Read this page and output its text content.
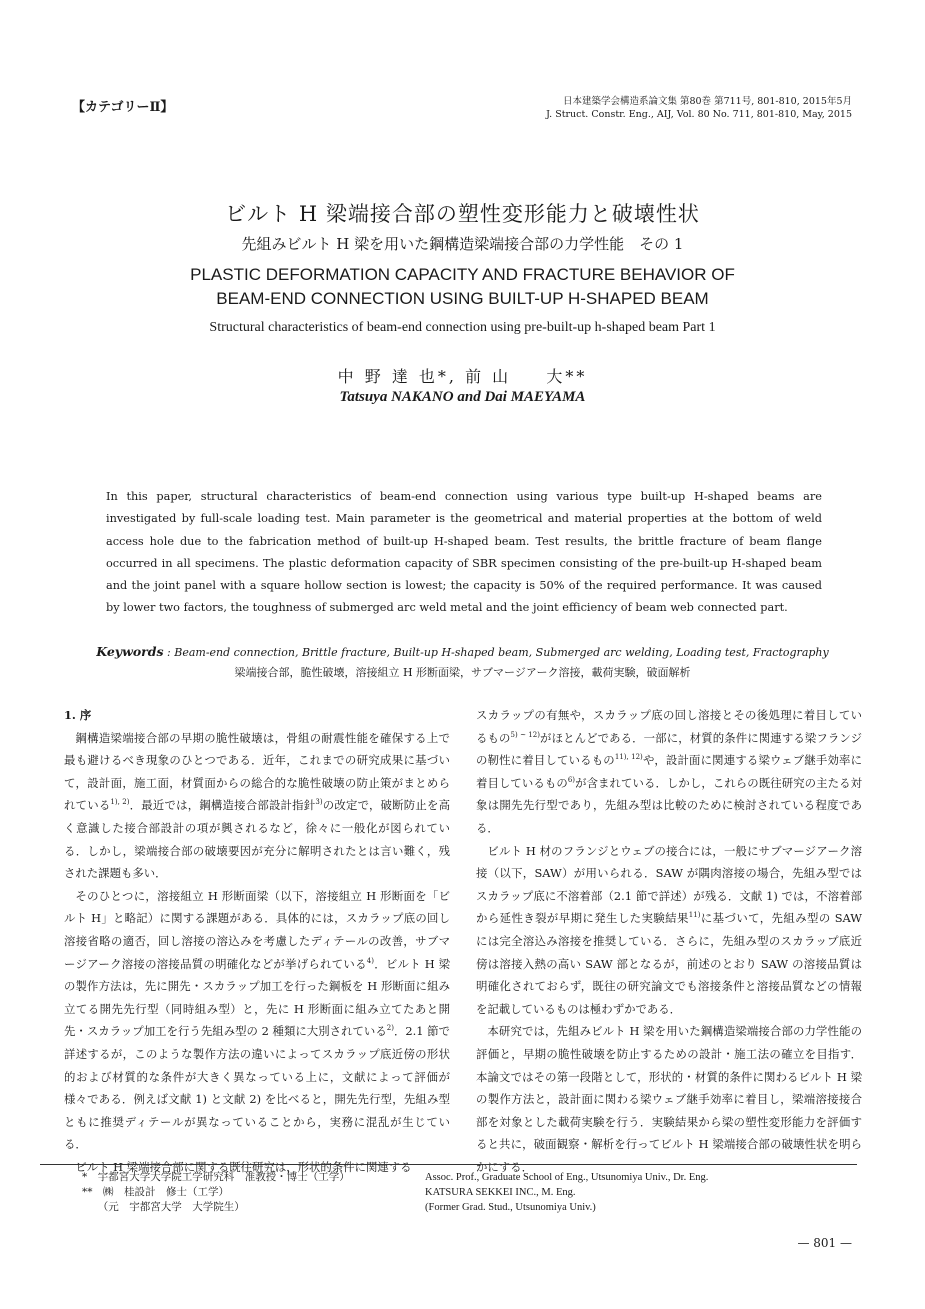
【カテゴリーⅡ】	日本建築学会構造系論文集 第80巻 第711号, 801-810, 2015年5月
J. Struct. Constr. Eng., AIJ, Vol. 80 No. 711, 801-810, May, 2015
ビルト H 梁端接合部の塑性変形能力と破壊性状
先組みビルト H 梁を用いた鋼構造梁端接合部の力学性能　その 1
PLASTIC DEFORMATION CAPACITY AND FRACTURE BEHAVIOR OF
BEAM-END CONNECTION USING BUILT-UP H-SHAPED BEAM
Structural characteristics of beam-end connection using pre-built-up h-shaped beam Part 1
中 野 達 也*, 前 山 　 大**
Tatsuya NAKANO and Dai MAEYAMA
In this paper, structural characteristics of beam-end connection using various type built-up H-shaped beams are investigated by full-scale loading test. Main parameter is the geometrical and material properties at the bottom of weld access hole due to the fabrication method of built-up H-shaped beam. Test results, the brittle fracture of beam flange occurred in all specimens. The plastic deformation capacity of SBR specimen consisting of the pre-built-up H-shaped beam and the joint panel with a square hollow section is lowest; the capacity is 50% of the required performance. It was caused by lower two factors, the toughness of submerged arc weld metal and the joint efficiency of beam web connected part.
Keywords : Beam-end connection, Brittle fracture, Built-up H-shaped beam, Submerged arc welding, Loading test, Fractography
梁端接合部，脆性破壊，溶接組立 H 形断面梁，サブマージアーク溶接，載荷実験，破面解析

1. 序

鋼構造梁端接合部の早期の脆性破壊は，骨組の耐震性能を確保する上で最も避けるべき現象のひとつである．近年，これまでの研究成果に基づいて，設計面，施工面，材質面からの総合的な脆性破壊の防止策がまとめられている$^{1), 2)}$．最近では，鋼構造接合部設計指針$^{3)}$の改定で，破断防止を高く意識した接合部設計の項が興されるなど，徐々に一般化が図られている．しかし，梁端接合部の破壊要因が充分に解明されたとは言い難く，残された課題も多い．

そのひとつに，溶接組立 H 形断面梁（以下，溶接組立 H 形断面を「ビルト H」と略記）に関する課題がある．具体的には，スカラップ底の回し溶接省略の適否，回し溶接の溶込みを考慮したディテールの改善，サブマージアーク溶接の溶接品質の明確化などが挙げられている$^{4)}$．ビルト H 梁の製作方法は，先に開先・スカラップ加工を行った鋼板を H 形断面に組み立てる開先先行型（同時組み型）と，先に H 形断面に組み立てたあと開先・スカラップ加工を行う先組み型の 2 種類に大別されている$^{2)}$．2.1 節で詳述するが，このような製作方法の違いによってスカラップ底近傍の形状的および材質的な条件が大きく異なっている上に，文献によって評価が様々である．例えば文献 1) と文献 2) を比べると，開先先行型，先組み型ともに推奨ディテールが異なっていることから，実務に混乱が生じている．

ビルト H 梁端接合部に関する既往研究は，形状的条件に関連する

スカラップの有無や，スカラップ底の回し溶接とその後処理に着目しているもの$^{5) \sim 12)}$がほとんどである．一部に，材質的条件に関連する梁フランジの靭性に着目しているもの$^{11), 12)}$や，設計面に関連する梁ウェブ継手効率に着目しているもの$^{6)}$が含まれている．しかし，これらの既往研究の主たる対象は開先先行型であり，先組み型は比較のために検討されている程度である．

ビルト H 材のフランジとウェブの接合には，一般にサブマージアーク溶接（以下，SAW）が用いられる．SAW が隅肉溶接の場合，先組み型ではスカラップ底に不溶着部（2.1 節で詳述）が残る．文献 1) では，不溶着部から延性き裂が早期に発生した実験結果$^{11)}$に基づいて，先組み型の SAW には完全溶込み溶接を推奨している．さらに，先組み型のスカラップ底近傍は溶接入熱の高い SAW 部となるが，前述のとおり SAW の溶接品質は明確化されておらず，既往の研究論文でも溶接条件と溶接品質などの情報を記載しているものは極わずかである．

本研究では，先組みビルト H 梁を用いた鋼構造梁端接合部の力学性能の評価と，早期の脆性破壊を防止するための設計・施工法の確立を目指す．本論文ではその第一段階として，形状的・材質的条件に関わるビルト H 梁の製作方法と，設計面に関わる梁ウェブ継手効率に着目し，梁端溶接接合部を対象とした載荷実験を行う．実験結果から梁の塑性変形能力を評価すると共に，破面観察・解析を行ってビルト H 梁端接合部の破壊性状を明らかにする．

*　宇都宮大学大学院工学研究科　准教授・博士（工学）
**　㈱　桂設計　修士（工学）
　　（元　宇都宮大学　大学院生）
Assoc. Prof., Graduate School of Eng., Utsunomiya Univ., Dr. Eng.
KATSURA SEKKEI INC., M. Eng.
(Former Grad. Stud., Utsunomiya Univ.)
— 801 —
